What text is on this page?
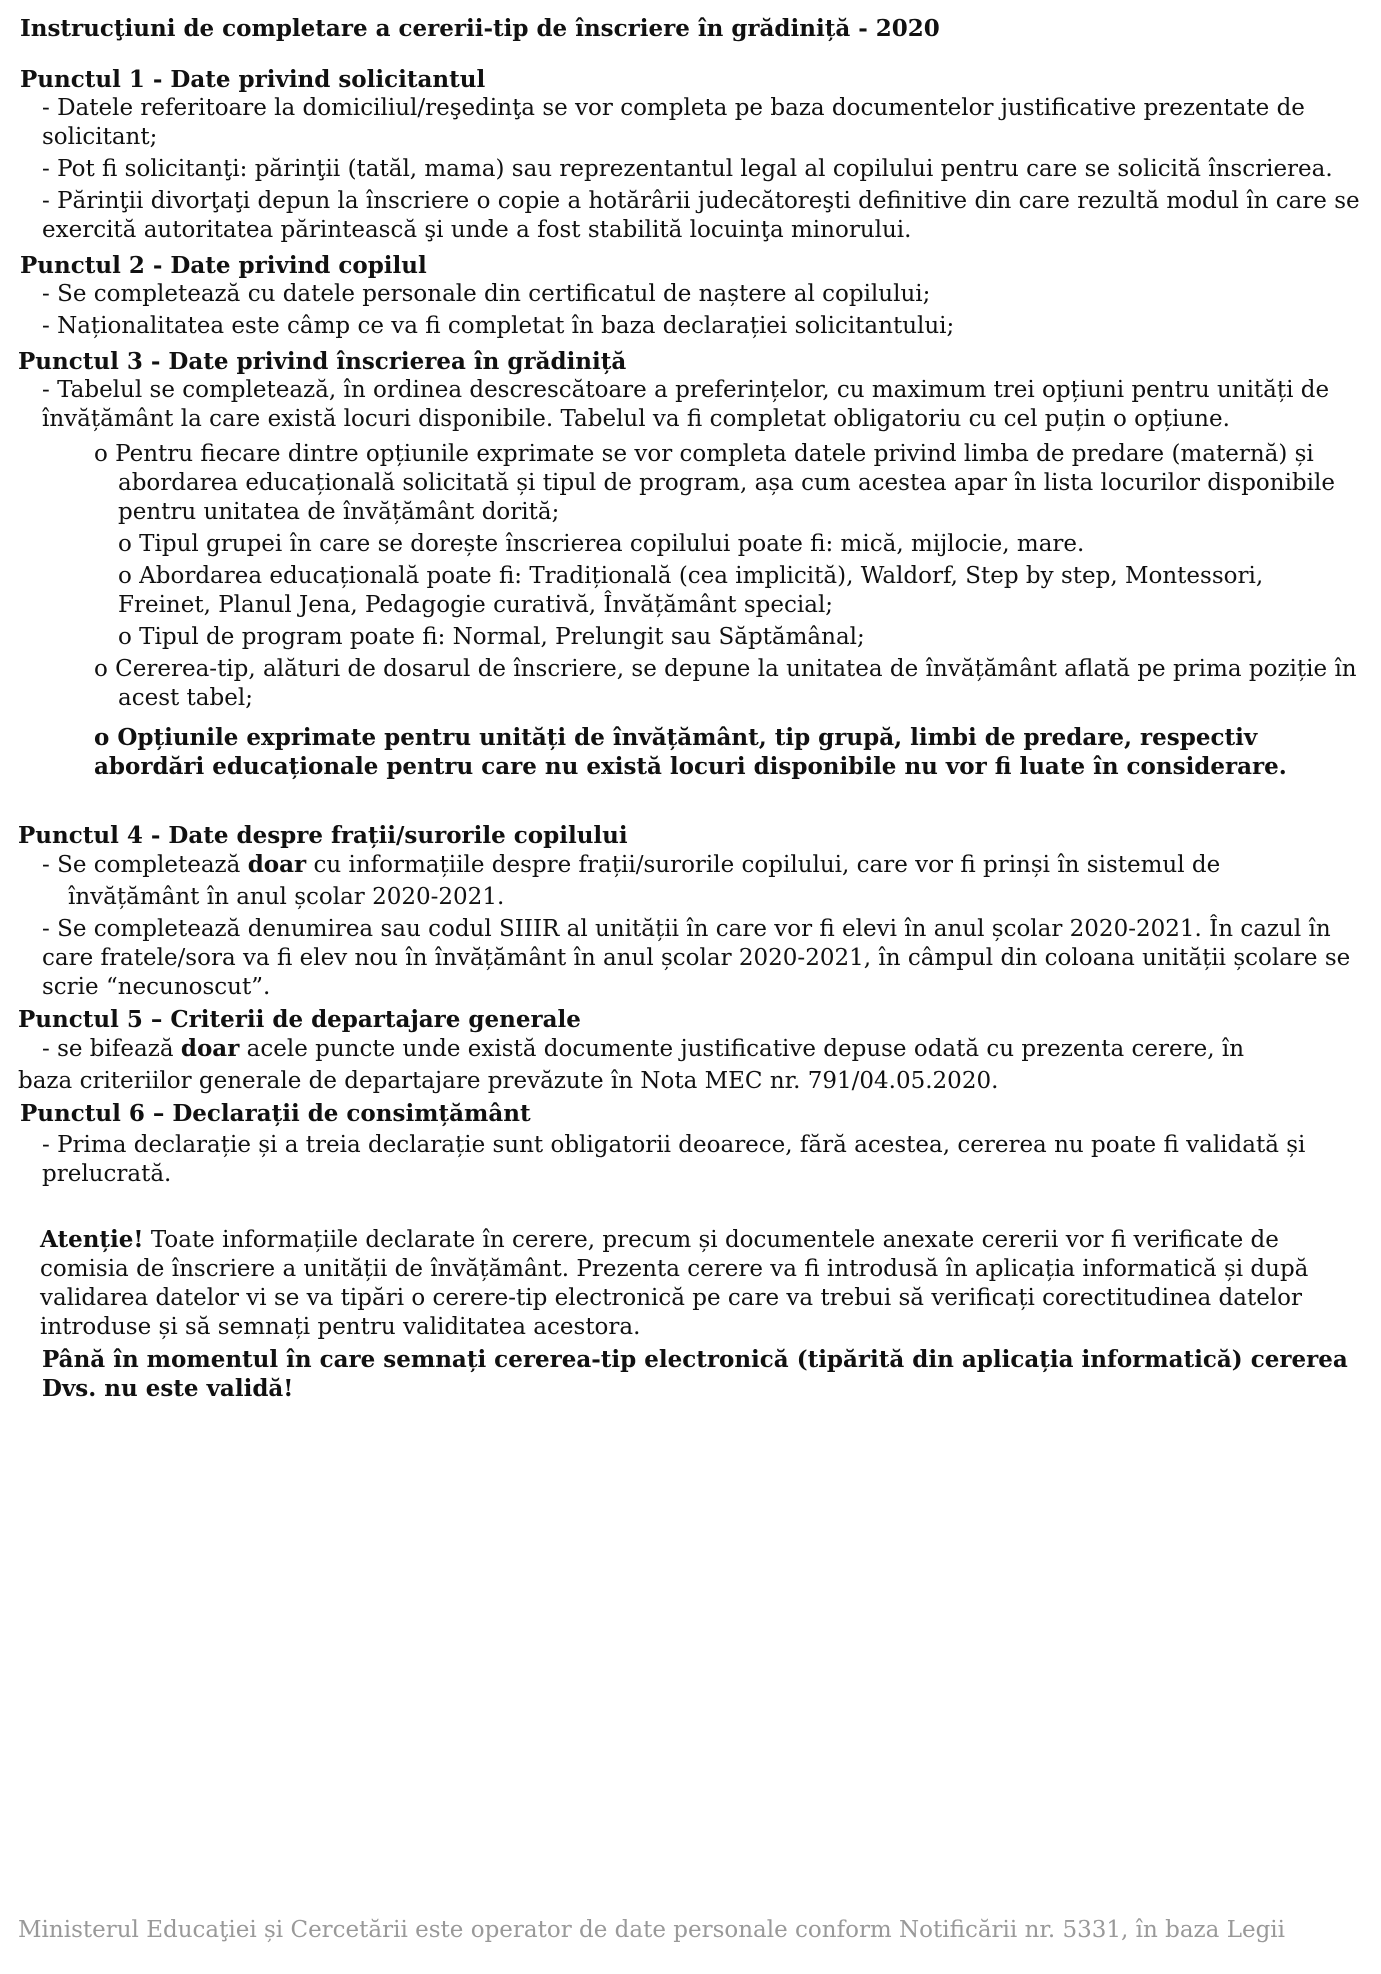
Instrucţiuni de completare a cererii-tip de înscriere în grădiniță - 2020

Punctul 1 - Date privind solicitantul

- Datele referitoare la domiciliul/reşedinţa se vor completa pe baza documentelor justificative prezentate de solicitant;

- Pot fi solicitanţi: părinţii (tatăl, mama) sau reprezentantul legal al copilului pentru care se solicită înscrierea.

- Părinţii divorţaţi depun la înscriere o copie a hotărârii judecătoreşti definitive din care rezultă modul în care se exercită autoritatea părintească şi unde a fost stabilită locuinţa minorului.

Punctul 2 - Date privind copilul

- Se completează cu datele personale din certificatul de naștere al copilului;

- Naționalitatea este câmp ce va fi completat în baza declarației solicitantului;

Punctul 3 - Date privind înscrierea în grădiniță

- Tabelul se completează, în ordinea descrescătoare a preferințelor, cu maximum trei opțiuni pentru unități de învățământ la care există locuri disponibile. Tabelul va fi completat obligatoriu cu cel puțin o opțiune.

o Pentru fiecare dintre opțiunile exprimate se vor completa datele privind limba de predare (maternă) și abordarea educațională solicitată și tipul de program, așa cum acestea apar în lista locurilor disponibile pentru unitatea de învățământ dorită;

o Tipul grupei în care se dorește înscrierea copilului poate fi: mică, mijlocie, mare.

o Abordarea educațională poate fi: Tradițională (cea implicită), Waldorf, Step by step, Montessori, Freinet, Planul Jena, Pedagogie curativă, Învățământ special;

o Tipul de program poate fi: Normal, Prelungit sau Săptămânal;

o Cererea-tip, alături de dosarul de înscriere, se depune la unitatea de învățământ aflată pe prima poziție în acest tabel;

o Opțiunile exprimate pentru unități de învățământ, tip grupă, limbi de predare, respectiv abordări educaționale pentru care nu există locuri disponibile nu vor fi luate în considerare.

Punctul 4 - Date despre frații/surorile copilului

- Se completează doar cu informațiile despre frații/surorile copilului, care vor fi prinși în sistemul de

învățământ în anul școlar 2020-2021.

- Se completează denumirea sau codul SIIIR al unității în care vor fi elevi în anul școlar 2020-2021. În cazul în care fratele/sora va fi elev nou în învățământ în anul școlar 2020-2021, în câmpul din coloana unității școlare se scrie “necunoscut”.

Punctul 5 – Criterii de departajare generale

- se bifează doar acele puncte unde există documente justificative depuse odată cu prezenta cerere, în

baza criteriilor generale de departajare prevăzute în Nota MEC nr. 791/04.05.2020.

Punctul 6 – Declarații de consimțământ

- Prima declarație și a treia declarație sunt obligatorii deoarece, fără acestea, cererea nu poate fi validată și prelucrată.

Atenție! Toate informațiile declarate în cerere, precum și documentele anexate cererii vor fi verificate de comisia de înscriere a unității de învățământ. Prezenta cerere va fi introdusă în aplicația informatică și după validarea datelor vi se va tipări o cerere-tip electronică pe care va trebui să verificați corectitudinea datelor introduse și să semnați pentru validitatea acestora.

Până în momentul în care semnați cererea-tip electronică (tipărită din aplicația informatică) cererea Dvs. nu este validă!

Ministerul Educaţiei și Cercetării este operator de date personale conform Notificării nr. 5331, în baza Legii
